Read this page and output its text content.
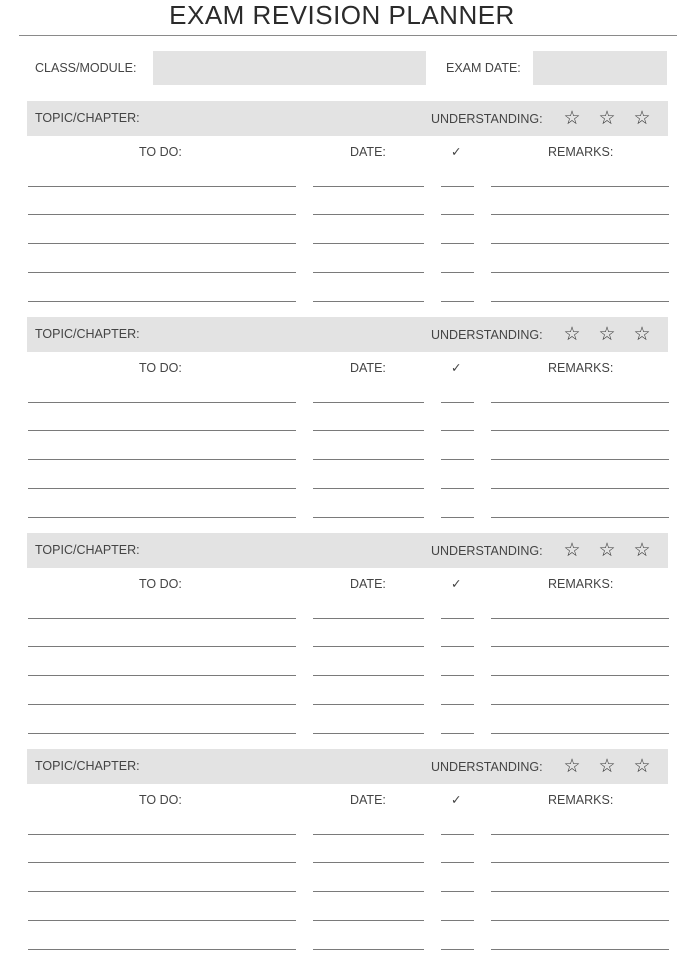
EXAM REVISION PLANNER
CLASS/MODULE:	EXAM DATE:
TOPIC/CHAPTER:	UNDERSTANDING: ☆ ☆ ☆
TO DO:	DATE:	✓	REMARKS:
TOPIC/CHAPTER:	UNDERSTANDING: ☆ ☆ ☆
TO DO:	DATE:	✓	REMARKS:
TOPIC/CHAPTER:	UNDERSTANDING: ☆ ☆ ☆
TO DO:	DATE:	✓	REMARKS:
TOPIC/CHAPTER:	UNDERSTANDING: ☆ ☆ ☆
TO DO:	DATE:	✓	REMARKS:
